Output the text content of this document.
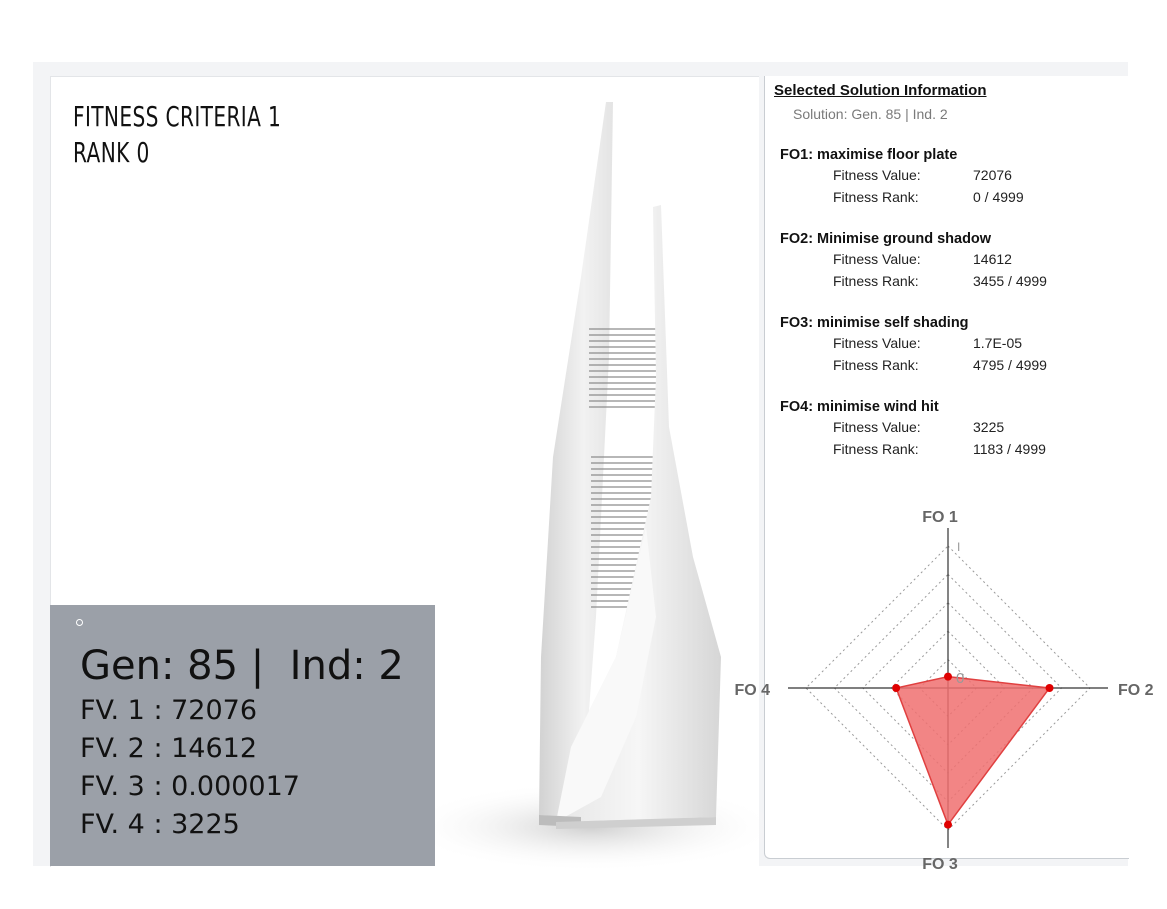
FITNESS CRITERIA 1
RANK 0
Gen: 85 |  Ind: 2
FV. 1 : 72076
FV. 2 : 14612
FV. 3 : 0.000017
FV. 4 : 3225
Selected Solution Information
Solution: Gen. 85 | Ind. 2
FO1: maximise floor plate
Fitness Value:	72076
Fitness Rank:	0 / 4999
FO2: Minimise ground shadow
Fitness Value:	14612
Fitness Rank:	3455 / 4999
FO3: minimise self shading
Fitness Value:	1.7E-05
Fitness Rank:	4795 / 4999
FO4: minimise wind hit
Fitness Value:	3225
Fitness Rank:	1183 / 4999
0
I
FO 1
FO 2
FO 3
FO 4
